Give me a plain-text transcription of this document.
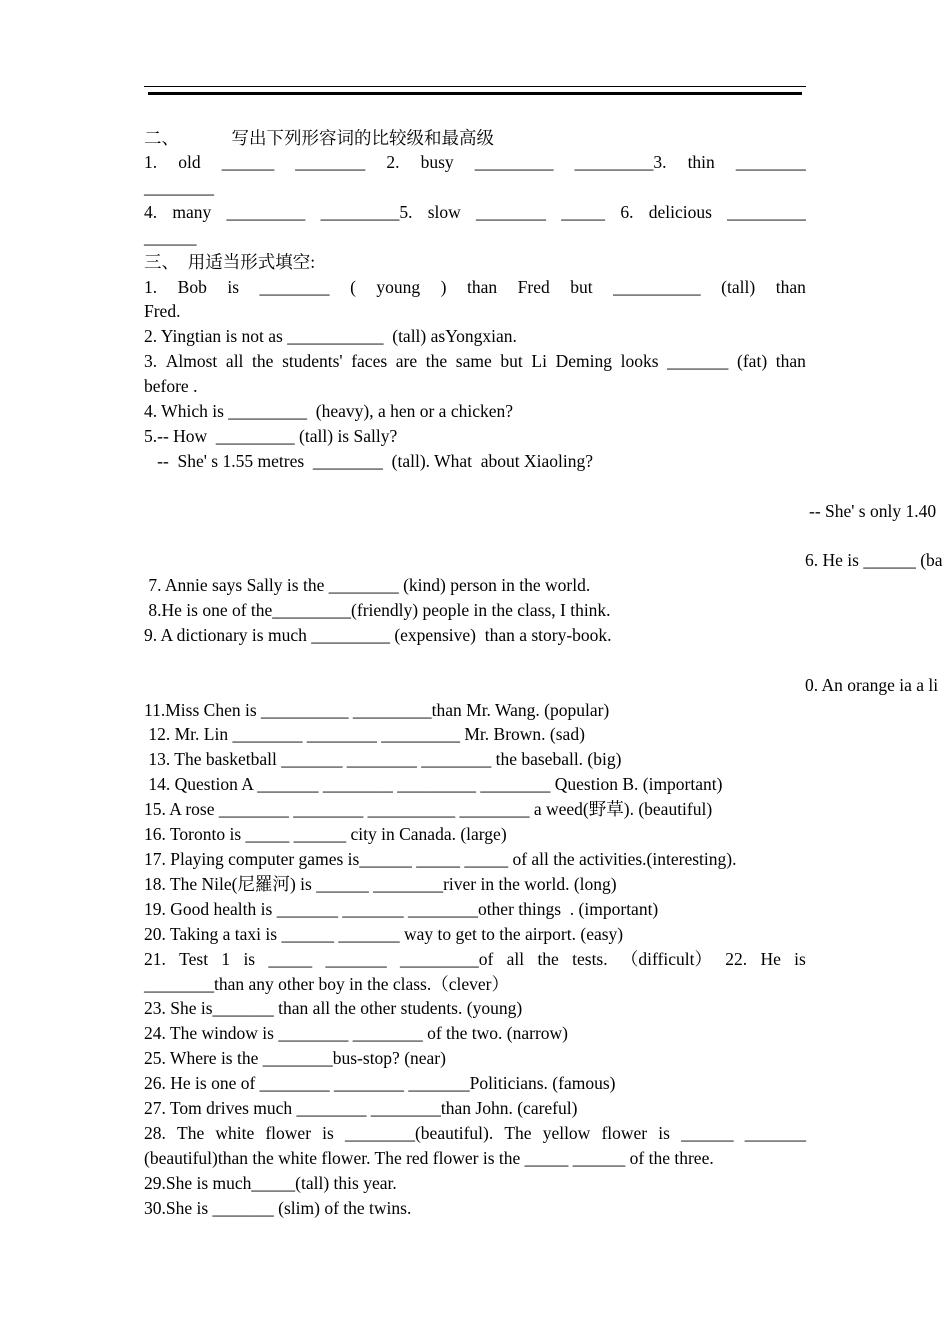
二、            写出下列形容词的比较级和最高级
1. old ______ ________ 2. busy _________ _________3. thin ________
________
4. many _________ _________5. slow ________ _____ 6. delicious _________
______
三、  用适当形式填空:
1. Bob is ________ ( young ) than Fred but __________ (tall) than
Fred.
2. Yingtian is not as ___________  (tall) asYongxian.
3. Almost all the students' faces are the same but Li Deming looks _______ (fat) than
before .
4. Which is _________  (heavy), a hen or a chicken?
5.-- How  _________ (tall) is Sally?
--  She' s 1.55 metres  ________  (tall). What  about Xiaoling?
-- She' s only 1.40
6. He is ______ (ba
7. Annie says Sally is the ________ (kind) person in the world.
8.He is one of the_________(friendly) people in the class, I think.
9. A dictionary is much _________ (expensive)  than a story-book.
0. An orange ia a li
11.Miss Chen is __________ _________than Mr. Wang. (popular)
12. Mr. Lin ________ ________ _________ Mr. Brown. (sad)
13. The basketball _______ ________ ________ the baseball. (big)
14. Question A _______ ________ _________ ________ Question B. (important)
15. A rose ________ ________ __________ ________ a weed(野草). (beautiful)
16. Toronto is _____ ______ city in Canada. (large)
17. Playing computer games is______ _____ _____ of all the activities.(interesting).
18. The Nile(尼羅河) is ______ ________river in the world. (long)
19. Good health is _______ _______ ________other things  . (important)
20. Taking a taxi is ______ _______ way to get to the airport. (easy)
21. Test 1 is _____ _______ _________of all the tests. （difficult） 22. He is
________than any other boy in the class.（clever）
23. She is_______ than all the other students. (young)
24. The window is ________ ________ of the two. (narrow)
25. Where is the ________bus-stop? (near)
26. He is one of ________ ________ _______Politicians. (famous)
27. Tom drives much ________ ________than John. (careful)
28. The white flower is ________(beautiful). The yellow flower is ______ _______
(beautiful)than the white flower. The red flower is the _____ ______ of the three.
29.She is much_____(tall) this year.
30.She is _______ (slim) of the twins.
